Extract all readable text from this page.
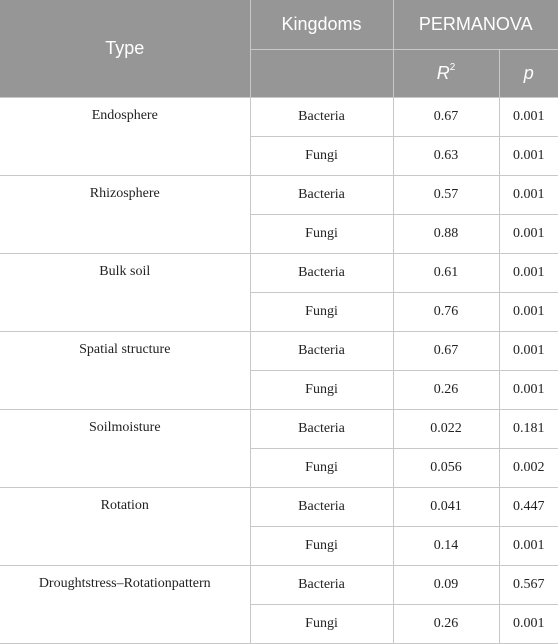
Type	Kingdoms	PERMANOVA	
		$R^2$	p
Endosphere	Bacteria	0.67	0.001
	Fungi	0.63	0.001
Rhizosphere	Bacteria	0.57	0.001
	Fungi	0.88	0.001
Bulk soil	Bacteria	0.61	0.001
	Fungi	0.76	0.001
Spatial structure	Bacteria	0.67	0.001
	Fungi	0.26	0.001
Soilmoisture	Bacteria	0.022	0.181
	Fungi	0.056	0.002
Rotation	Bacteria	0.041	0.447
	Fungi	0.14	0.001
Droughtstress–Rotationpattern	Bacteria	0.09	0.567
	Fungi	0.26	0.001
